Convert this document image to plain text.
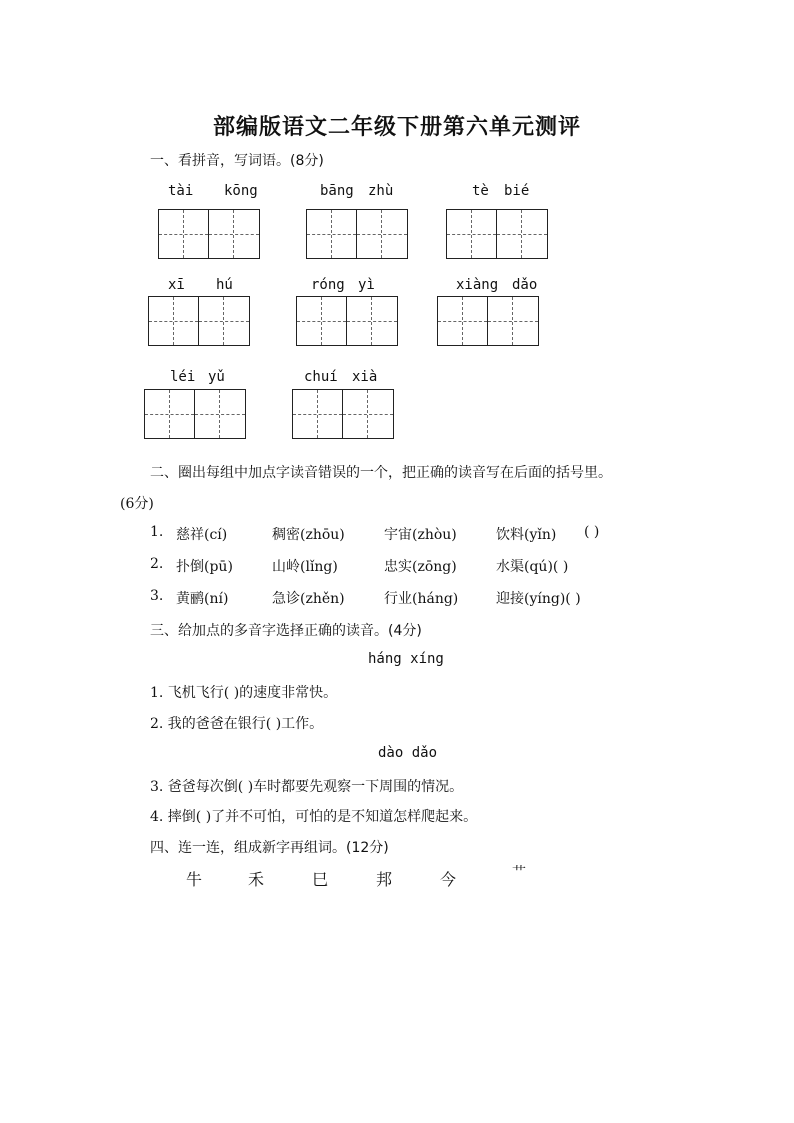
部编版语文二年级下册第六单元测评
一、看拼音，写词语。(8分)
tài kōng	bāng zhù	tè bié
xī hú	róng yì	xiàng dǎo
léi yǔ	chuí xià
二、圈出每组中加点字读音错误的一个，把正确的读音写在后面的括号里。
(6分)
1. 慈祥(cí)	稠密(zhōu)	宇宙(zhòu)	饮料(yǐn) ( )
2. 扑倒(pū)	山岭(lǐng)	忠实(zōng)	水渠(qú)( )
3. 黄鹂(ní)	急诊(zhěn)	行业(háng)	迎接(yíng)( )
三、给加点的多音字选择正确的读音。(4分)
háng xíng
1. 飞机飞行( )的速度非常快。
2. 我的爸爸在银行( )工作。
dào dǎo
3. 爸爸每次倒( )车时都要先观察一下周围的情况。
4. 摔倒( )了并不可怕，可怕的是不知道怎样爬起来。
四、连一连，组成新字再组词。(12分)
牛	禾	巳	邦	今	艹
